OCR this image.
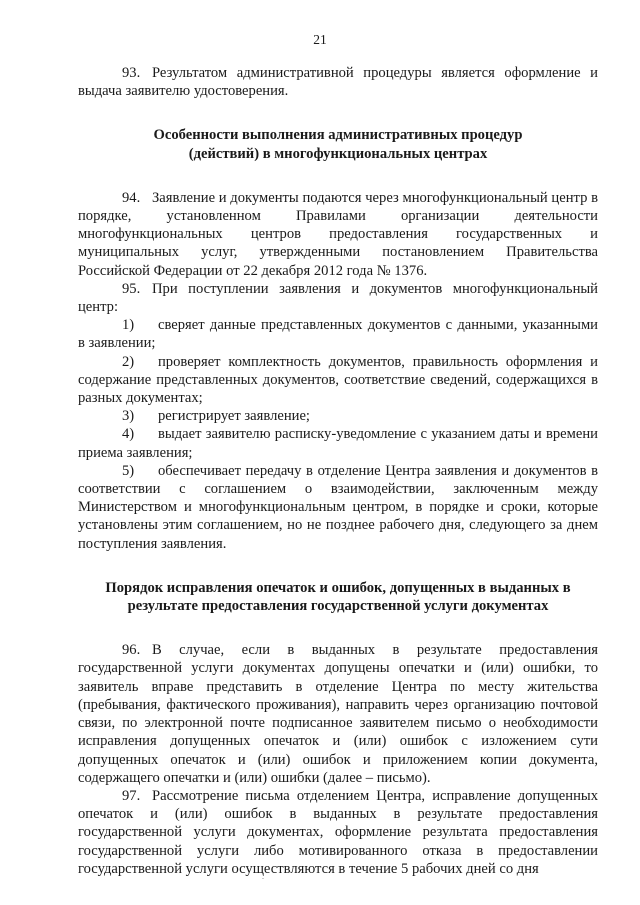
21

93. Результатом административной процедуры является оформление и выдача заявителю удостоверения.

Особенности выполнения административных процедур
(действий) в многофункциональных центрах

94. Заявление и документы подаются через многофункциональный центр в порядке, установленном Правилами организации деятельности многофункциональных центров предоставления государственных и муниципальных услуг, утвержденными постановлением Правительства Российской Федерации от 22 декабря 2012 года № 1376.

95. При поступлении заявления и документов многофункциональный центр:

1) сверяет данные представленных документов с данными, указанными в заявлении;

2) проверяет комплектность документов, правильность оформления и содержание представленных документов, соответствие сведений, содержащихся в разных документах;

3) регистрирует заявление;

4) выдает заявителю расписку-уведомление с указанием даты и времени приема заявления;

5) обеспечивает передачу в отделение Центра заявления и документов в соответствии с соглашением о взаимодействии, заключенным между Министерством и многофункциональным центром, в порядке и сроки, которые установлены этим соглашением, но не позднее рабочего дня, следующего за днем поступления заявления.

Порядок исправления опечаток и ошибок, допущенных в выданных в результате предоставления государственной услуги документах

96. В случае, если в выданных в результате предоставления государственной услуги документах допущены опечатки и (или) ошибки, то заявитель вправе представить в отделение Центра по месту жительства (пребывания, фактического проживания), направить через организацию почтовой связи, по электронной почте подписанное заявителем письмо о необходимости исправления допущенных опечаток и (или) ошибок с изложением сути допущенных опечаток и (или) ошибок и приложением копии документа, содержащего опечатки и (или) ошибки (далее – письмо).

97. Рассмотрение письма отделением Центра, исправление допущенных опечаток и (или) ошибок в выданных в результате предоставления государственной услуги документах, оформление результата предоставления государственной услуги либо мотивированного отказа в предоставлении государственной услуги осуществляются в течение 5 рабочих дней со дня
